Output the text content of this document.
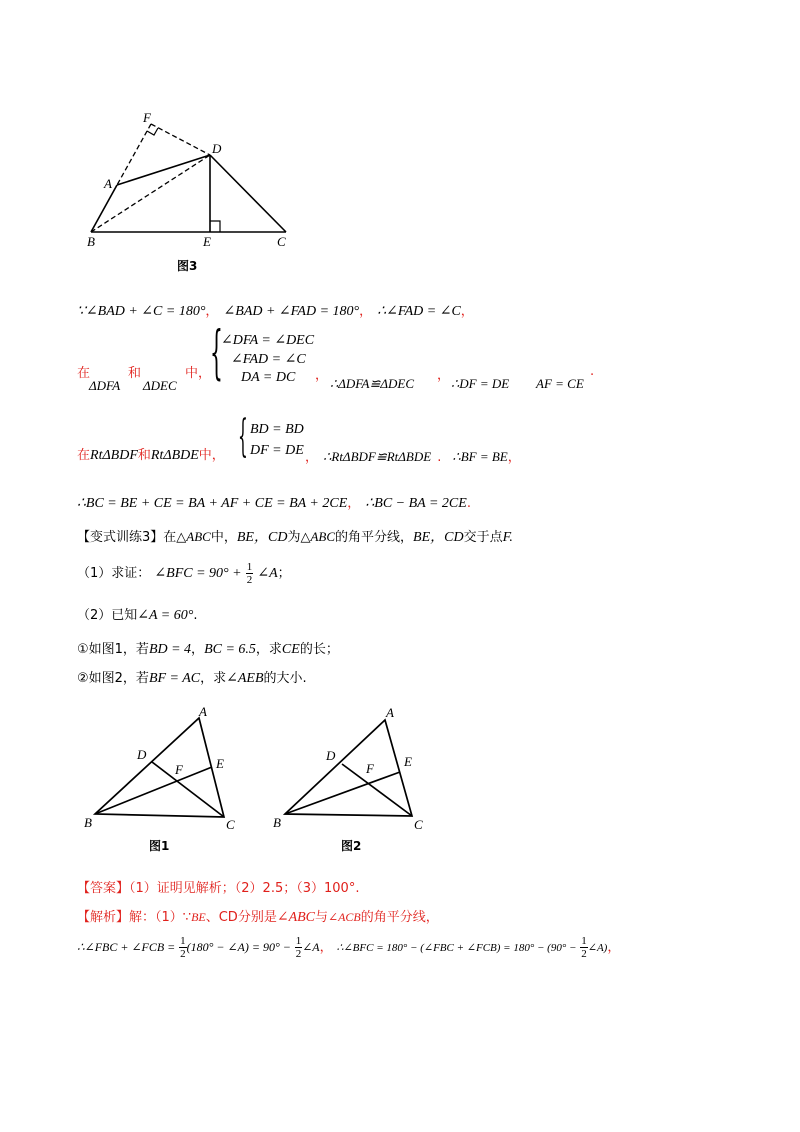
F
D
A
B	E	C
图3
∵∠BAD + ∠C = 180°， ∠BAD + ∠FAD = 180°， ∴∠FAD = ∠C，
在
ΔDFA
和
ΔDEC
中，
{
∠DFA = ∠DEC
∠FAD = ∠C
DA = DC ，
∴ΔDFA≌ΔDEC
，
∴DF = DE
.
AF = CE
在RtΔBDF和RtΔBDE中， { BD = BD
DF = DE ， ∴RtΔBDF≌RtΔBDE . ∴BF = BE，
∴BC = BE + CE = BA + AF + CE = BA + 2CE， ∴BC − BA = 2CE.
【变式训练3】在△ABC中，BE，CD为△ABC的角平分线，BE，CD交于点F.
（1）求证： ∠BFC = $90^\circ + \frac{1}{2}$ ∠A；
（2）已知∠A = 60°.
①如图1，若BD = 4，BC = 6.5，求CE的长；
②如图2，若BF = AC，求∠AEB的大小.
A
D
E
F
B	C
图1
A
D	E
F
B	C
图2
【答案】（1）证明见解析；（2）2.5；（3）100°.
【解析】解：（1）∵BE、CD分别是∠ABC与∠ACB的角平分线，
∴∠FBC + ∠FCB = $\frac{1}{2} (180^\circ$ − ∠A) = $90^\circ - \frac{1}{2}$ ∠A， ∴∠BFC = 180° − (∠FBC + ∠FCB) = $180^\circ - (90^\circ - \frac{1}{2}$ ∠A)，
